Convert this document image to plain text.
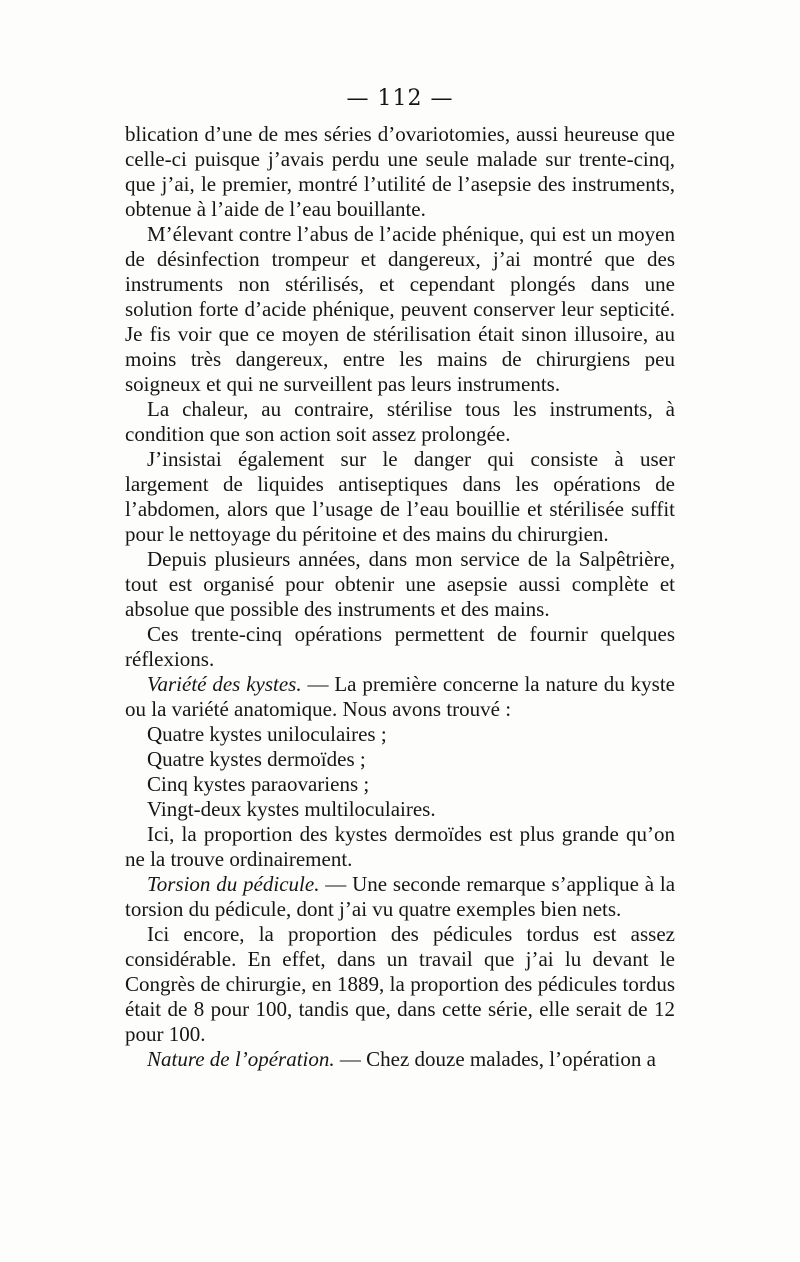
— 112 —

blication d’une de mes séries d’ovariotomies, aussi heureuse que celle-ci puisque j’avais perdu une seule malade sur trente-cinq, que j’ai, le premier, montré l’utilité de l’asepsie des instruments, obtenue à l’aide de l’eau bouillante.

M’élevant contre l’abus de l’acide phénique, qui est un moyen de désinfection trompeur et dangereux, j’ai montré que des instruments non stérilisés, et cependant plongés dans une solution forte d’acide phénique, peuvent conserver leur septicité. Je fis voir que ce moyen de stérilisation était sinon illusoire, au moins très dangereux, entre les mains de chirurgiens peu soigneux et qui ne surveillent pas leurs instruments.

La chaleur, au contraire, stérilise tous les instruments, à condition que son action soit assez prolongée.

J’insistai également sur le danger qui consiste à user largement de liquides antiseptiques dans les opérations de l’abdomen, alors que l’usage de l’eau bouillie et stérilisée suffit pour le nettoyage du péritoine et des mains du chirurgien.

Depuis plusieurs années, dans mon service de la Salpêtrière, tout est organisé pour obtenir une asepsie aussi complète et absolue que possible des instruments et des mains.

Ces trente-cinq opérations permettent de fournir quelques réflexions.

Variété des kystes. — La première concerne la nature du kyste ou la variété anatomique. Nous avons trouvé :

Quatre kystes uniloculaires ;

Quatre kystes dermoïdes ;

Cinq kystes paraovariens ;

Vingt-deux kystes multiloculaires.

Ici, la proportion des kystes dermoïdes est plus grande qu’on ne la trouve ordinairement.

Torsion du pédicule. — Une seconde remarque s’applique à la torsion du pédicule, dont j’ai vu quatre exemples bien nets.

Ici encore, la proportion des pédicules tordus est assez considérable. En effet, dans un travail que j’ai lu devant le Congrès de chirurgie, en 1889, la proportion des pédicules tordus était de 8 pour 100, tandis que, dans cette série, elle serait de 12 pour 100.

Nature de l’opération. — Chez douze malades, l’opération a
